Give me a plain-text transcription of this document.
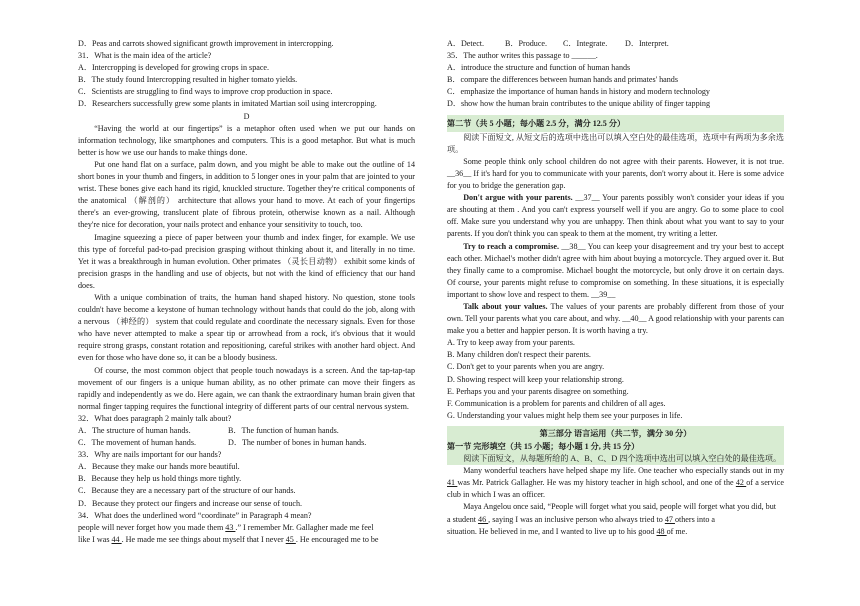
D．Peas and carrots showed significant growth improvement in intercropping.
31．What is the main idea of the article?
A．Intercropping is developed for growing crops in space.
B．The study found Intercropping resulted in higher tomato yields.
C．Scientists are struggling to find ways to improve crop production in space.
D．Researchers successfully grew some plants in imitated Martian soil using intercropping.
D

“Having the world at our fingertips” is a metaphor often used when we put our hands on information technology, like smartphones and computers. This is a good metaphor. But what is much better is how we use our hands to make things done.

Put one hand flat on a surface, palm down, and you might be able to make out the outline of 14 short bones in your thumb and fingers, in addition to 5 longer ones in your palm that are jointed to your wrist. These bones give each hand its rigid, knuckled structure. Together they're critical components of the anatomical （解剖的） architecture that allows your hand to move. At each of your fingertips there's an ever-growing, translucent plate of fibrous protein, otherwise known as a nail. Although they're nice for decoration, your nails protect and enhance your sensitivity to touch, too.

Imagine squeezing a piece of paper between your thumb and index finger, for example. We use this type of forceful pad-to-pad precision grasping without thinking about it, and literally in no time. Yet it was a breakthrough in human evolution. Other primates （灵长目动物） exhibit some kinds of precision grasps in the handling and use of objects, but not with the kind of efficiency that our hand does.

With a unique combination of traits, the human hand shaped history. No question, stone tools couldn't have become a keystone of human technology without hands that could do the job, along with a nervous （神经的） system that could regulate and coordinate the necessary signals. Even for those who have never attempted to make a spear tip or arrowhead from a rock, it's obvious that it would require strong grasps, constant rotation and repositioning, careful strikes with another hard object. And even for those who have done so, it can be a bloody business.

Of course, the most common object that people touch nowadays is a screen. And the tap-tap-tap movement of our fingers is a unique human ability, as no other primate can move their fingers as rapidly and independently as we do. Here again, we can thank the extraordinary human brain given that normal finger tapping requires the functional integrity of different parts of our central nervous system.

32．What does paragraph 2 mainly talk about?
A．The structure of human hands.	B．The function of human hands.
C．The movement of human hands.	D．The number of bones in human hands.
33．Why are nails important for our hands?
A．Because they make our hands more beautiful.
B．Because they help us hold things more tightly.
C．Because they are a necessary part of the structure of our hands.
D．Because they protect our fingers and increase our sense of touch.
34．What does the underlined word “coordinate” in Paragraph 4 mean?
people will never forget how you made them 43 .” I remember Mr. Gallagher made me feel
like I was 44 . He made me see things about myself that I never 45 . He encouraged me to be
A．Detect.	B．Produce.	C．Integrate.	D．Interpret.
35．The author writes this passage to ______.
A．introduce the structure and function of human hands
B．compare the differences between human hands and primates' hands
C．emphasize the importance of human hands in history and modern technology
D．show how the human brain contributes to the unique ability of finger tapping
第二节（共 5 小题；每小题 2.5 分，满分 12.5 分）

阅读下面短文, 从短文后的选项中选出可以填入空白处的最佳选项，选项中有两项为多余选项。

Some people think only school children do not agree with their parents. However, it is not true. __36__ If it's hard for you to communicate with your parents, don't worry about it. Here is some advice for you to bridge the generation gap.

Don't argue with your parents. __37__ Your parents possibly won't consider your ideas if you are shouting at them . And you can't express yourself well if you are angry. Go to some place to cool off. Make sure you understand why you are unhappy. Then think about what you want to say to your parents. If you don't think you can speak to them at the moment, try writing a letter.

Try to reach a compromise. __38__ You can keep your disagreement and try your best to accept each other. Michael's mother didn't agree with him about buying a motorcycle. They argued over it. But they finally came to a compromise. Michael bought the motorcycle, but only drove it on certain days. Of course, your parents might refuse to compromise on something. In these situations, it is especially important to show love and respect to them. __39__

Talk about your values. The values of your parents are probably different from those of your own. Tell your parents what you care about, and why. __40__ A good relationship with your parents can make you a better and happier person. It is worth having a try.

A. Try to keep away from your parents.
B. Many children don't respect their parents.
C. Don't get to your parents when you are angry.
D. Showing respect will keep your relationship strong.
E. Perhaps you and your parents disagree on something.
F. Communication is a problem for parents and children of all ages.
G. Understanding your values might help them see your purposes in life.
第三部分 语言运用（共二节，满分 30 分）
第一节 完形填空（共 15 小题；每小题 1 分, 共 15 分）

阅读下面短文，从每题所给的 A、B、C、D 四个选项中选出可以填入空白处的最佳选项。

Many wonderful teachers have helped shape my life. One teacher who especially stands out in my 41 was Mr. Patrick Gallagher. He was my history teacher in high school, and one of the 42 of a service club in which I was an officer.

Maya Angelou once said, “People will forget what you said, people will forget what you did, but

a student 46 , saying I was an inclusive person who always tried to 47 others into a
situation. He believed in me, and I wanted to live up to his good 48 of me.
